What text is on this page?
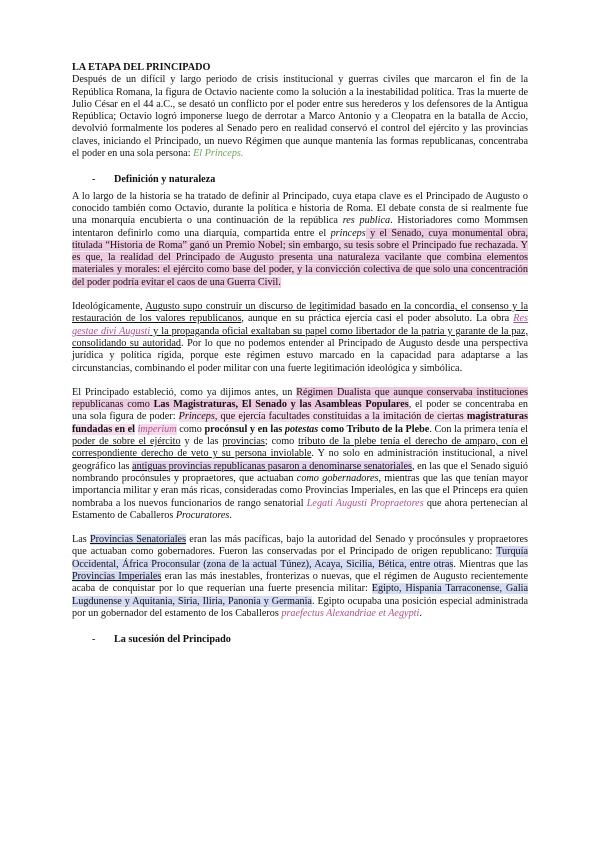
LA ETAPA DEL PRINCIPADO

Después de un difícil y largo periodo de crisis institucional y guerras civiles que marcaron el fin de la República Romana, la figura de Octavio naciente como la solución a la inestabilidad política. Tras la muerte de Julio César en el 44 a.C., se desató un conflicto por el poder entre sus herederos y los defensores de la Antigua República; Octavio logró imponerse luego de derrotar a Marco Antonio y a Cleopatra en la batalla de Accio, devolvió formalmente los poderes al Senado pero en realidad conservó el control del ejército y las provincias claves, iniciando el Principado, un nuevo Régimen que aunque mantenía las formas republicanas, concentraba el poder en una sola persona: El Princeps.

- Definición y naturaleza

A lo largo de la historia se ha tratado de definir al Principado, cuya etapa clave es el Principado de Augusto o conocido también como Octavio, durante la política e historia de Roma. El debate consta de si realmente fue una monarquía encubierta o una continuación de la república res publica. Historiadores como Mommsen intentaron definirlo como una diarquía, compartida entre el princeps y el Senado, cuya monumental obra, titulada “Historia de Roma” ganó un Premio Nobel; sin embargo, su tesis sobre el Principado fue rechazada. Y es que, la realidad del Principado de Augusto presenta una naturaleza vacilante que combina elementos materiales y morales: el ejército como base del poder, y la convicción colectiva de que solo una concentración del poder podría evitar el caos de una Guerra Civil.

Ideológicamente, Augusto supo construir un discurso de legitimidad basado en la concordia, el consenso y la restauración de los valores republicanos, aunque en su práctica ejercía casi el poder absoluto. La obra Res gestae divi Augusti y la propaganda oficial exaltaban su papel como libertador de la patria y garante de la paz, consolidando su autoridad. Por lo que no podemos entender al Principado de Augusto desde una perspectiva jurídica y política rígida, porque este régimen estuvo marcado en la capacidad para adaptarse a las circunstancias, combinando el poder militar con una fuerte legitimación ideológica y simbólica.

El Principado estableció, como ya dijimos antes, un Régimen Dualista que aunque conservaba instituciones republicanas como Las Magistraturas, El Senado y las Asambleas Populares, el poder se concentraba en una sola figura de poder: Princeps, que ejercía facultades constituidas a la imitación de ciertas magistraturas fundadas en el imperium como procónsul y en las potestas como Tributo de la Plebe. Con la primera tenía el poder de sobre el ejército y de las provincias; como tributo de la plebe tenía el derecho de amparo, con el correspondiente derecho de veto y su persona inviolable. Y no solo en administración institucional, a nivel geográfico las antiguas provincias republicanas pasaron a denominarse senatoriales, en las que el Senado siguió nombrando procónsules y propraetores, que actuaban como gobernadores, mientras que las que tenían mayor importancia militar y eran más ricas, consideradas como Provincias Imperiales, en las que el Princeps era quien nombraba a los nuevos funcionarios de rango senatorial Legati Augusti Propraetores que ahora pertenecían al Estamento de Caballeros Procuratores.

Las Provincias Senatoriales eran las más pacíficas, bajo la autoridad del Senado y procónsules y propraetores que actuaban como gobernadores. Fueron las conservadas por el Principado de origen republicano: Turquía Occidental, África Proconsular (zona de la actual Túnez), Acaya, Sicilia, Bética, entre otras. Mientras que las Provincias Imperiales eran las más inestables, fronterizas o nuevas, que el régimen de Augusto recientemente acaba de conquistar por lo que requerían una fuerte presencia militar: Egipto, Hispania Tarraconense, Galia Lugdunense y Aquitania, Siria, Iliria, Panonia y Germania. Egipto ocupaba una posición especial administrada por un gobernador del estamento de los Caballeros praefectus Alexandriae et Aegypti.

- La sucesión del Principado
